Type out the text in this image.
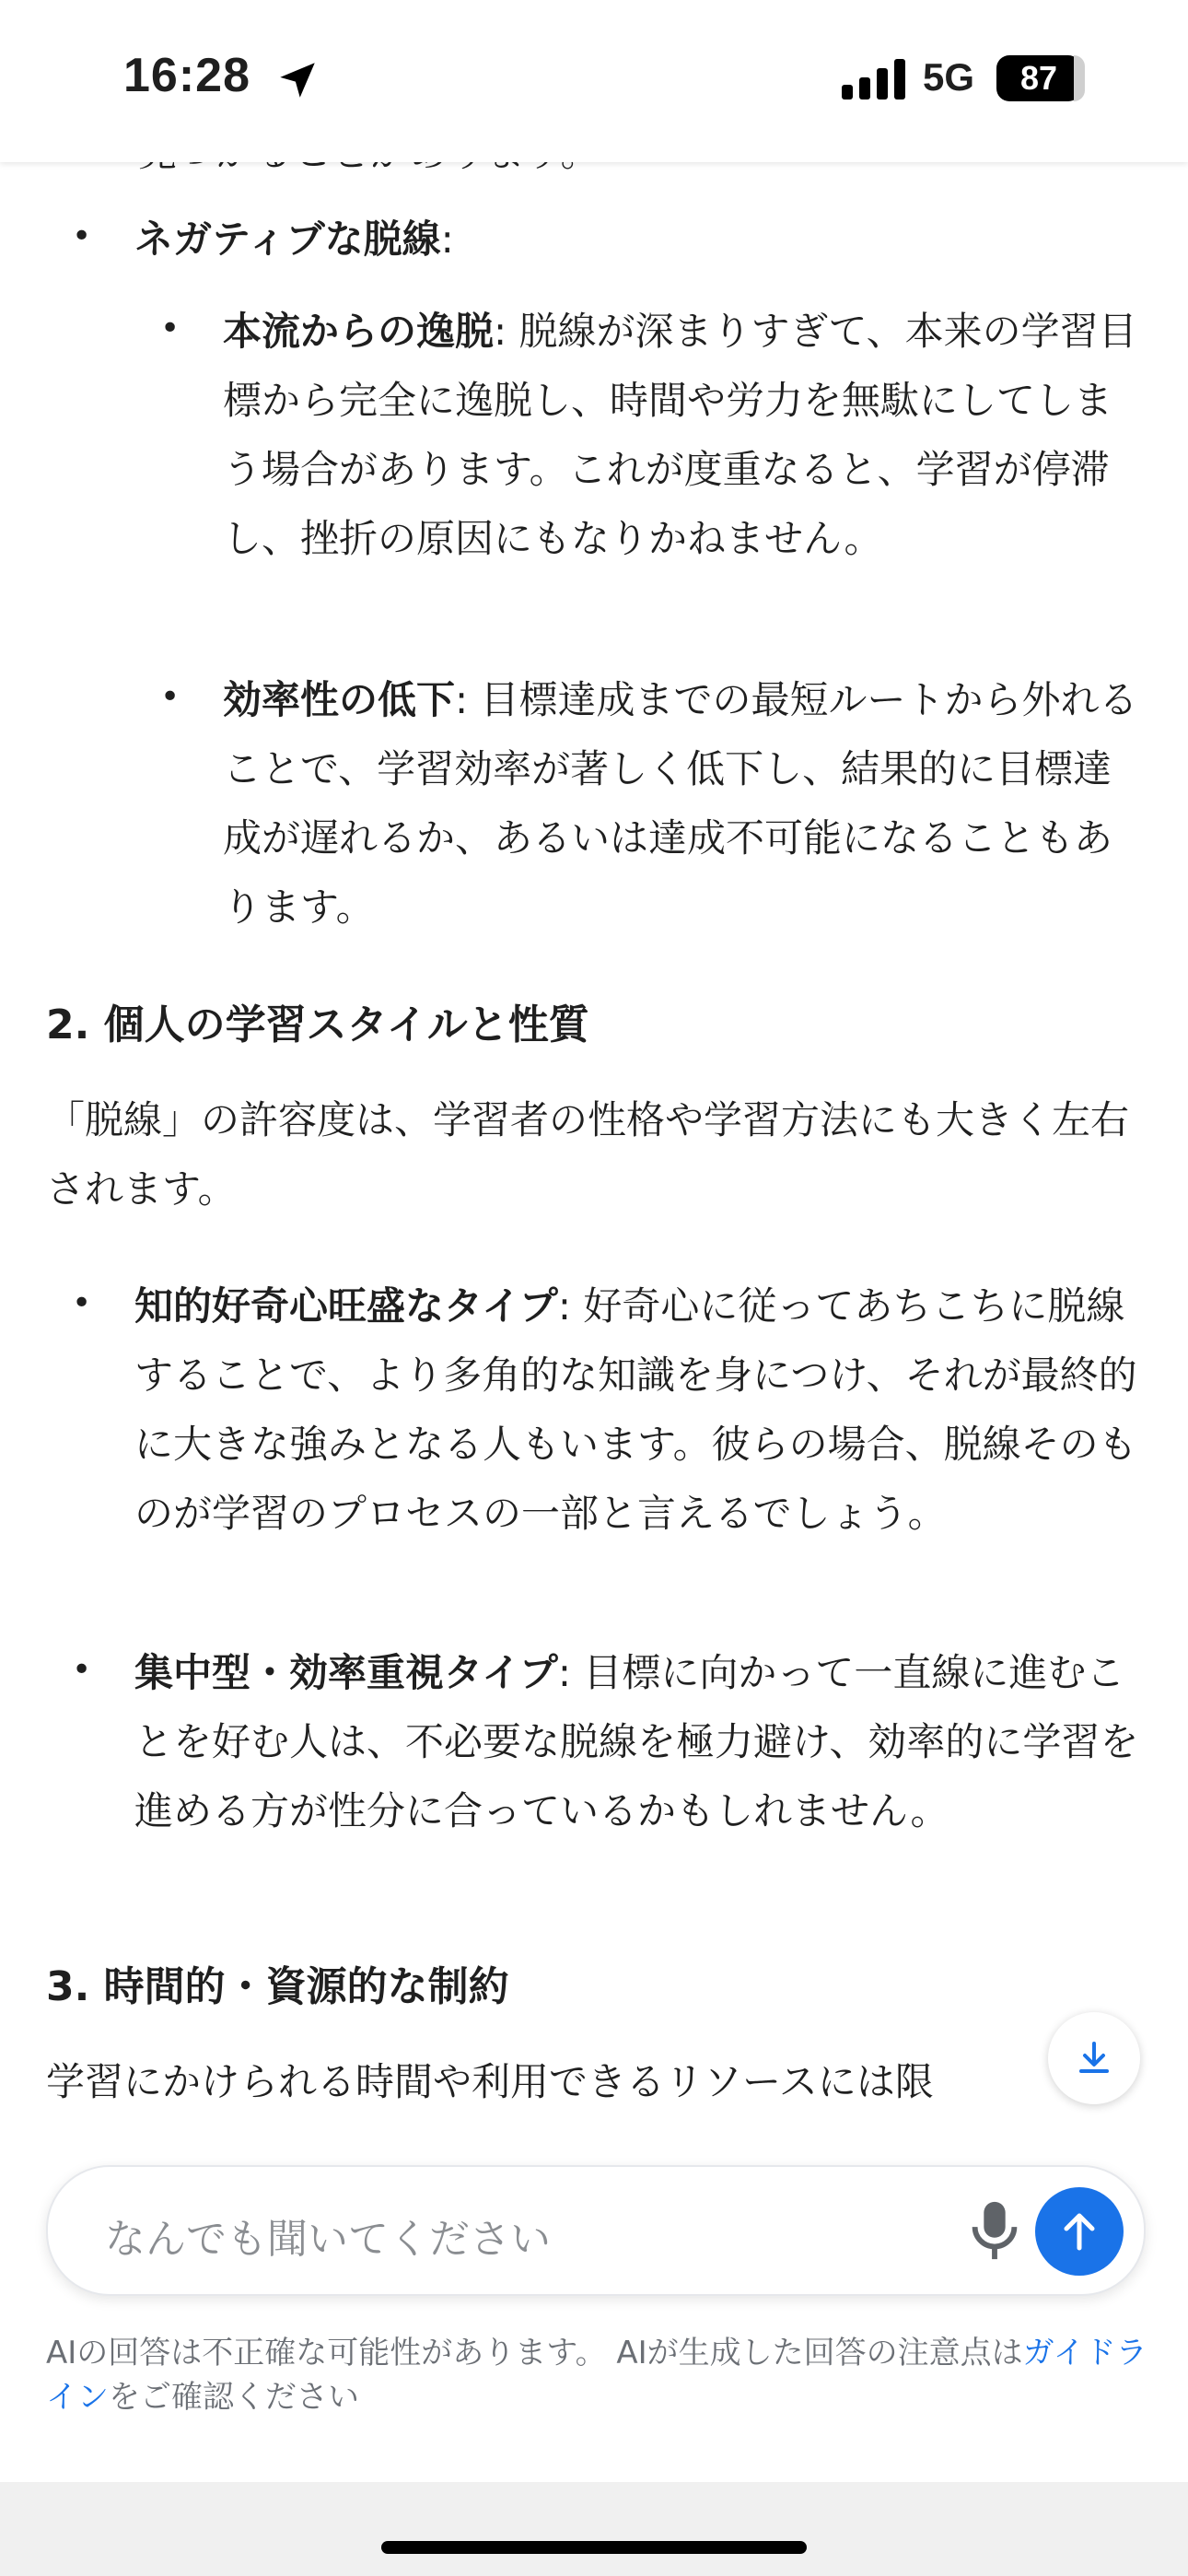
16:28	5G	87

• ネガティブな脱線:

• 本流からの逸脱: 脱線が深まりすぎて、本来の学習目標から完全に逸脱し、時間や労力を無駄にしてしまう場合があります。これが度重なると、学習が停滞し、挫折の原因にもなりかねません。

• 効率性の低下: 目標達成までの最短ルートから外れることで、学習効率が著しく低下し、結果的に目標達成が遅れるか、あるいは達成不可能になることもあります。

2. 個人の学習スタイルと性質

「脱線」の許容度は、学習者の性格や学習方法にも大きく左右されます。

• 知的好奇心旺盛なタイプ: 好奇心に従ってあちこちに脱線することで、より多角的な知識を身につけ、それが最終的に大きな強みとなる人もいます。彼らの場合、脱線そのものが学習のプロセスの一部と言えるでしょう。

• 集中型・効率重視タイプ: 目標に向かって一直線に進むことを好む人は、不必要な脱線を極力避け、効率的に学習を進める方が性分に合っているかもしれません。

3. 時間的・資源的な制約

学習にかけられる時間や利用できるリソースには限

なんでも聞いてください
AIの回答は不正確な可能性があります。 AIが生成した回答の注意点はガイドラインをご確認ください
